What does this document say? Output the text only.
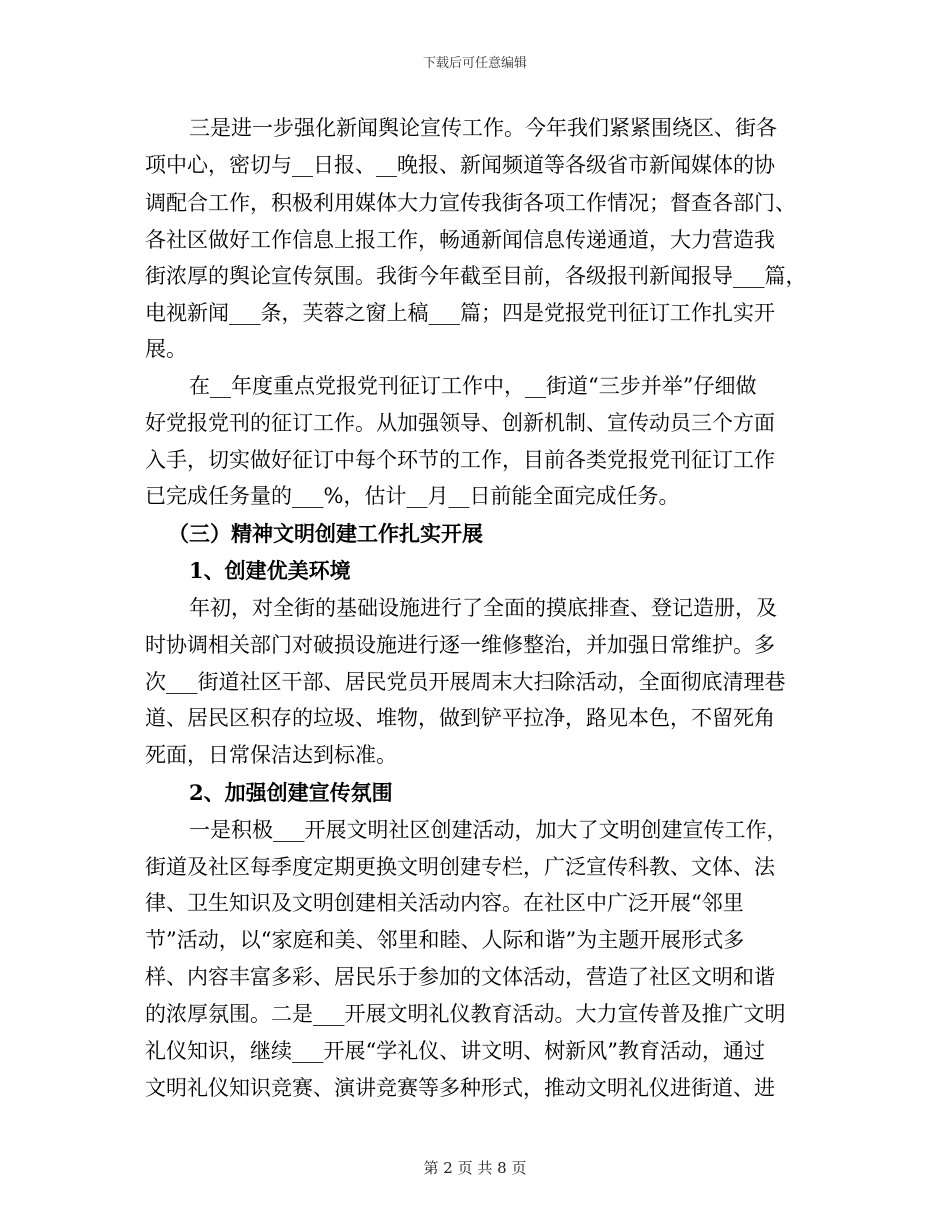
下载后可任意编辑
三是进一步强化新闻舆论宣传工作。今年我们紧紧围绕区、街各
项中心，密切与__日报、__晚报、新闻频道等各级省市新闻媒体的协
调配合工作，积极利用媒体大力宣传我街各项工作情况；督查各部门、
各社区做好工作信息上报工作，畅通新闻信息传递通道，大力营造我
街浓厚的舆论宣传氛围。我街今年截至目前，各级报刊新闻报导___篇，
电视新闻___条，芙蓉之窗上稿___篇；四是党报党刊征订工作扎实开
展。
在__年度重点党报党刊征订工作中，__街道“三步并举”仔细做
好党报党刊的征订工作。从加强领导、创新机制、宣传动员三个方面
入手，切实做好征订中每个环节的工作，目前各类党报党刊征订工作
已完成任务量的___%，估计__月__日前能全面完成任务。
（三）精神文明创建工作扎实开展
1、创建优美环境
年初，对全街的基础设施进行了全面的摸底排查、登记造册，及
时协调相关部门对破损设施进行逐一维修整治，并加强日常维护。多
次___街道社区干部、居民党员开展周末大扫除活动，全面彻底清理巷
道、居民区积存的垃圾、堆物，做到铲平拉净，路见本色，不留死角
死面，日常保洁达到标准。
2、加强创建宣传氛围
一是积极___开展文明社区创建活动，加大了文明创建宣传工作，
街道及社区每季度定期更换文明创建专栏，广泛宣传科教、文体、法
律、卫生知识及文明创建相关活动内容。在社区中广泛开展“邻里
节”活动，以“家庭和美、邻里和睦、人际和谐”为主题开展形式多
样、内容丰富多彩、居民乐于参加的文体活动，营造了社区文明和谐
的浓厚氛围。二是___开展文明礼仪教育活动。大力宣传普及推广文明
礼仪知识，继续___开展“学礼仪、讲文明、树新风”教育活动，通过
文明礼仪知识竞赛、演讲竞赛等多种形式，推动文明礼仪进街道、进
第 2 页 共 8 页
